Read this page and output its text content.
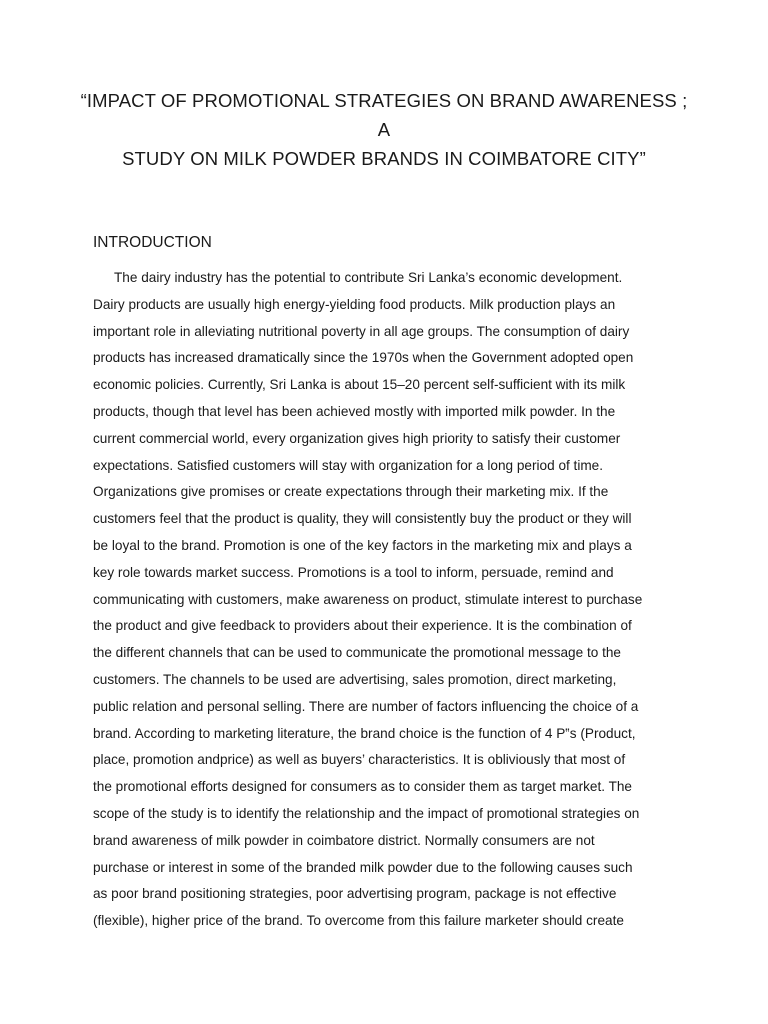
“IMPACT OF PROMOTIONAL STRATEGIES ON BRAND AWARENESS ; A
STUDY ON MILK POWDER BRANDS IN COIMBATORE CITY”
INTRODUCTION
The dairy industry has the potential to contribute Sri Lanka’s economic development.
Dairy products are usually high energy-yielding food products. Milk production plays an
important role in alleviating nutritional poverty in all age groups. The consumption of dairy
products has increased dramatically since the 1970s when the Government adopted open
economic policies. Currently, Sri Lanka is about 15–20 percent self-sufficient with its milk
products, though that level has been achieved mostly with imported milk powder. In the
current commercial world, every organization gives high priority to satisfy their customer
expectations. Satisfied customers will stay with organization for a long period of time.
Organizations give promises or create expectations through their marketing mix. If the
customers feel that the product is quality, they will consistently buy the product or they will
be loyal to the brand. Promotion is one of the key factors in the marketing mix and plays a
key role towards market success. Promotions is a tool to inform, persuade, remind and
communicating with customers, make awareness on product, stimulate interest to purchase
the product and give feedback to providers about their experience. It is the combination of
the different channels that can be used to communicate the promotional message to the
customers. The channels to be used are advertising, sales promotion, direct marketing,
public relation and personal selling. There are number of factors influencing the choice of a
brand. According to marketing literature, the brand choice is the function of 4 P‟s (Product,
place, promotion andprice) as well as buyers’ characteristics. It is obliviously that most of
the promotional efforts designed for consumers as to consider them as target market. The
scope of the study is to identify the relationship and the impact of promotional strategies on
brand awareness of milk powder in coimbatore district. Normally consumers are not
purchase or interest in some of the branded milk powder due to the following causes such
as poor brand positioning strategies, poor advertising program, package is not effective
(flexible), higher price of the brand. To overcome from this failure marketer should create
